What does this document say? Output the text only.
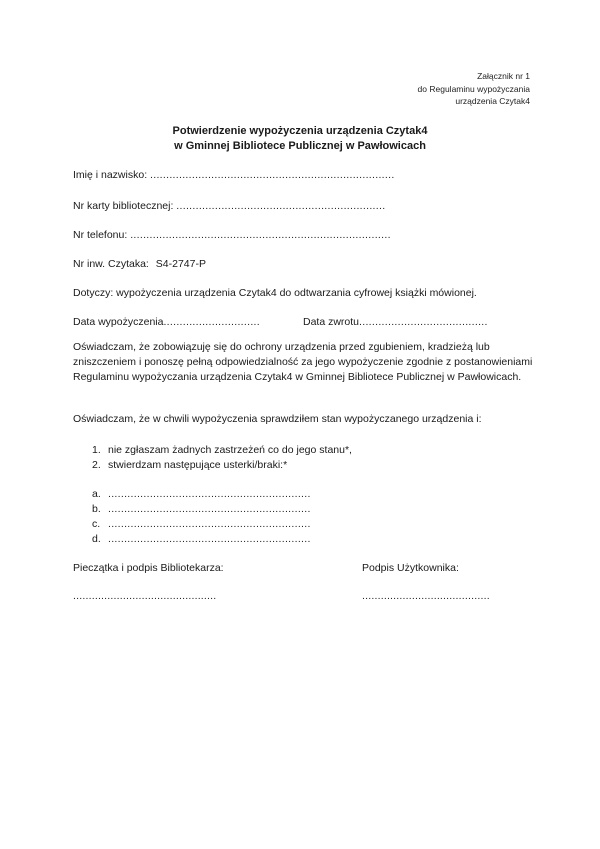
Załącznik nr 1
do Regulaminu wypożyczania
urządzenia Czytak4
Potwierdzenie wypożyczenia urządzenia Czytak4
w Gminnej Bibliotece Publicznej w Pawłowicach
Imię i nazwisko: ............................................................................
Nr karty bibliotecznej: .................................................................
Nr telefonu: .................................................................................
Nr inw. Czytaka: S4-2747-P
Dotyczy: wypożyczenia urządzenia Czytak4 do odtwarzania cyfrowej książki mówionej.
Data wypożyczenia..............................	Data zwrotu........................................
Oświadczam, że zobowiązuję się do ochrony urządzenia przed zgubieniem, kradzieżą lub zniszczeniem i ponoszę pełną odpowiedzialność za jego wypożyczenie zgodnie z postanowieniami Regulaminu wypożyczania urządzenia Czytak4 w Gminnej Bibliotece Publicznej w Pawłowicach.
Oświadczam, że w chwili wypożyczenia sprawdziłem stan wypożyczanego urządzenia i:
1. nie zgłaszam żadnych zastrzeżeń co do jego stanu*,
2. stwierdzam następujące usterki/braki:*
a. ...............................................................
b. ...............................................................
c. ...............................................................
d. ...............................................................
Pieczątka i podpis Bibliotekarza:	Podpis Użytkownika:
..............................................	.........................................
